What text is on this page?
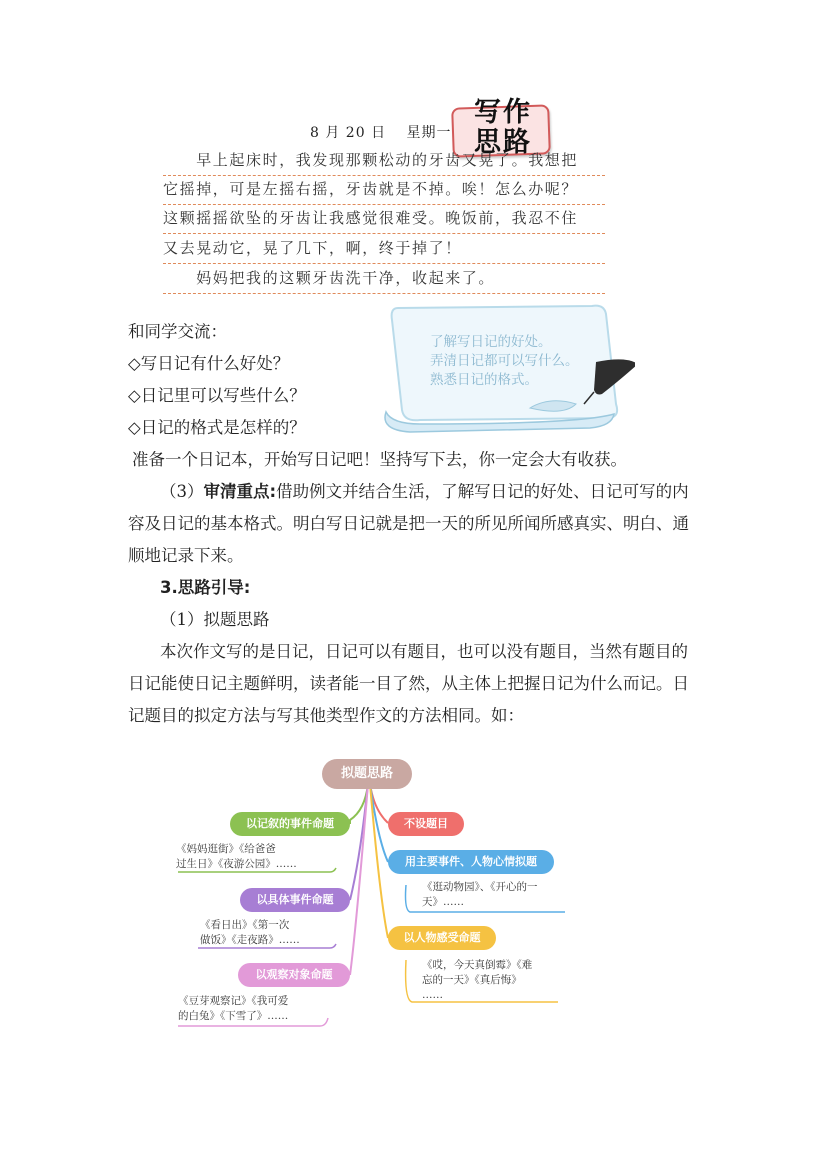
8 月 20 日　 星期一
写作思路
　　早上起床时，我发现那颗松动的牙齿又晃了。我想把
它摇掉，可是左摇右摇，牙齿就是不掉。唉！怎么办呢？
这颗摇摇欲坠的牙齿让我感觉很难受。晚饭前，我忍不住
又去晃动它，晃了几下，啊，终于掉了！
　　妈妈把我的这颗牙齿洗干净，收起来了。
了解写日记的好处。
弄清日记都可以写什么。
熟悉日记的格式。
和同学交流：
◇写日记有什么好处？
◇日记里可以写些什么？
◇日记的格式是怎样的？
准备一个日记本，开始写日记吧！坚持写下去，你一定会大有收获。
（3）审清重点:借助例文并结合生活，了解写日记的好处、日记可写的内
容及日记的基本格式。明白写日记就是把一天的所见所闻所感真实、明白、通
顺地记录下来。
3.思路引导:
（1）拟题思路
本次作文写的是日记，日记可以有题目，也可以没有题目，当然有题目的
日记能使日记主题鲜明，读者能一目了然，从主体上把握日记为什么而记。日
记题目的拟定方法与写其他类型作文的方法相同。如：
拟题思路
以记叙的事件命题
《妈妈逛街》《给爸爸
过生日》《夜游公园》……
以具体事件命题
《看日出》《第一次
做饭》《走夜路》……
以观察对象命题
《豆芽观察记》《我可爱
的白兔》《下雪了》……
不设题目
用主要事件、人物心情拟题
《逛动物园》、《开心的一
天》……
以人物感受命题
《哎，今天真倒霉》《难
忘的一天》《真后悔》
……
